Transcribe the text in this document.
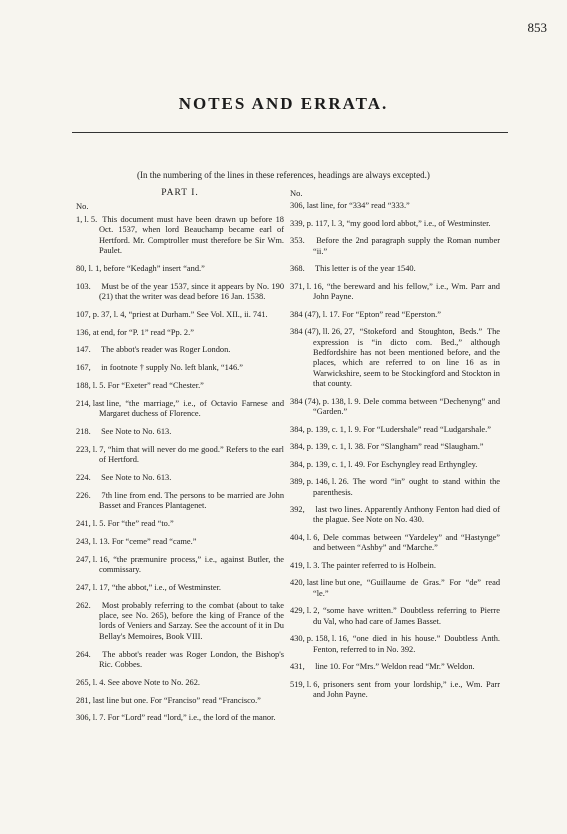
853
NOTES AND ERRATA.
(In the numbering of the lines in these references, headings are always excepted.)
PART I.
No.
1, l. 5. This document must have been drawn up before 18 Oct. 1537, when lord Beauchamp became earl of Hertford. Mr. Comptroller must therefore be Sir Wm. Paulet.
80, l. 1, before “Kedagh” insert “and.”
103. Must be of the year 1537, since it appears by No. 190 (21) that the writer was dead before 16 Jan. 1538.
107, p. 37, l. 4, “priest at Durham.” See Vol. XII., ii. 741.
136, at end, for “P. 1” read “Pp. 2.”
147. The abbot's reader was Roger London.
167, in footnote † supply No. left blank, “146.”
188, l. 5. For “Exeter” read “Chester.”
214, last line, “the marriage,” i.e., of Octavio Farnese and Margaret duchess of Florence.
218. See Note to No. 613.
223, l. 7, “him that will never do me good.” Refers to the earl of Hertford.
224. See Note to No. 613.
226. 7th line from end. The persons to be married are John Basset and Frances Plantagenet.
241, l. 5. For “the” read “to.”
243, l. 13. For “ceme” read “came.”
247, l. 16, “the præmunire process,” i.e., against Butler, the commissary.
247, l. 17, “the abbot,” i.e., of Westminster.
262. Most probably referring to the combat (about to take place, see No. 265), before the king of France of the lords of Veniers and Sarzay. See the account of it in Du Bellay's Memoires, Book VIII.
264. The abbot's reader was Roger London, the Bishop's Ric. Cobbes.
265, l. 4. See above Note to No. 262.
281, last line but one. For “Franciso” read “Francisco.”
306, l. 7. For “Lord” read “lord,” i.e., the lord of the manor.
No.
306, last line, for “334” read “333.”
339, p. 117, l. 3, “my good lord abbot,” i.e., of Westminster.
353. Before the 2nd paragraph supply the Roman number “ii.”
368. This letter is of the year 1540.
371, l. 16, “the bereward and his fellow,” i.e., Wm. Parr and John Payne.
384 (47), l. 17. For “Epton” read “Eperston.”
384 (47), ll. 26, 27, “Stokeford and Stoughton, Beds.” The expression is “in dicto com. Bed.,” although Bedfordshire has not been mentioned before, and the places, which are referred to on line 16 as in Warwickshire, seem to be Stockingford and Stockton in that county.
384 (74), p. 138, l. 9. Dele comma between “Dechenyng” and “Garden.”
384, p. 139, c. 1, l. 9. For “Ludershale” read “Ludgarshale.”
384, p. 139, c. 1, l. 38. For “Slangham” read “Slaugham.”
384, p. 139, c. 1, l. 49. For Eschyngley read Erthyngley.
389, p. 146, l. 26. The word “in” ought to stand within the parenthesis.
392, last two lines. Apparently Anthony Fenton had died of the plague. See Note on No. 430.
404, l. 6, Dele commas between “Yardeley” and “Hastynge” and between “Ashby” and “Marche.”
419, l. 3. The painter referred to is Holbein.
420, last line but one, “Guillaume de Gras.” For “de” read “le.”
429, l. 2, “some have written.” Doubtless referring to Pierre du Val, who had care of James Basset.
430, p. 158, l. 16, “one died in his house.” Doubtless Anth. Fenton, referred to in No. 392.
431, line 10. For “Mrs.” Weldon read “Mr.” Weldon.
519, l. 6, prisoners sent from your lordship,” i.e., Wm. Parr and John Payne.
